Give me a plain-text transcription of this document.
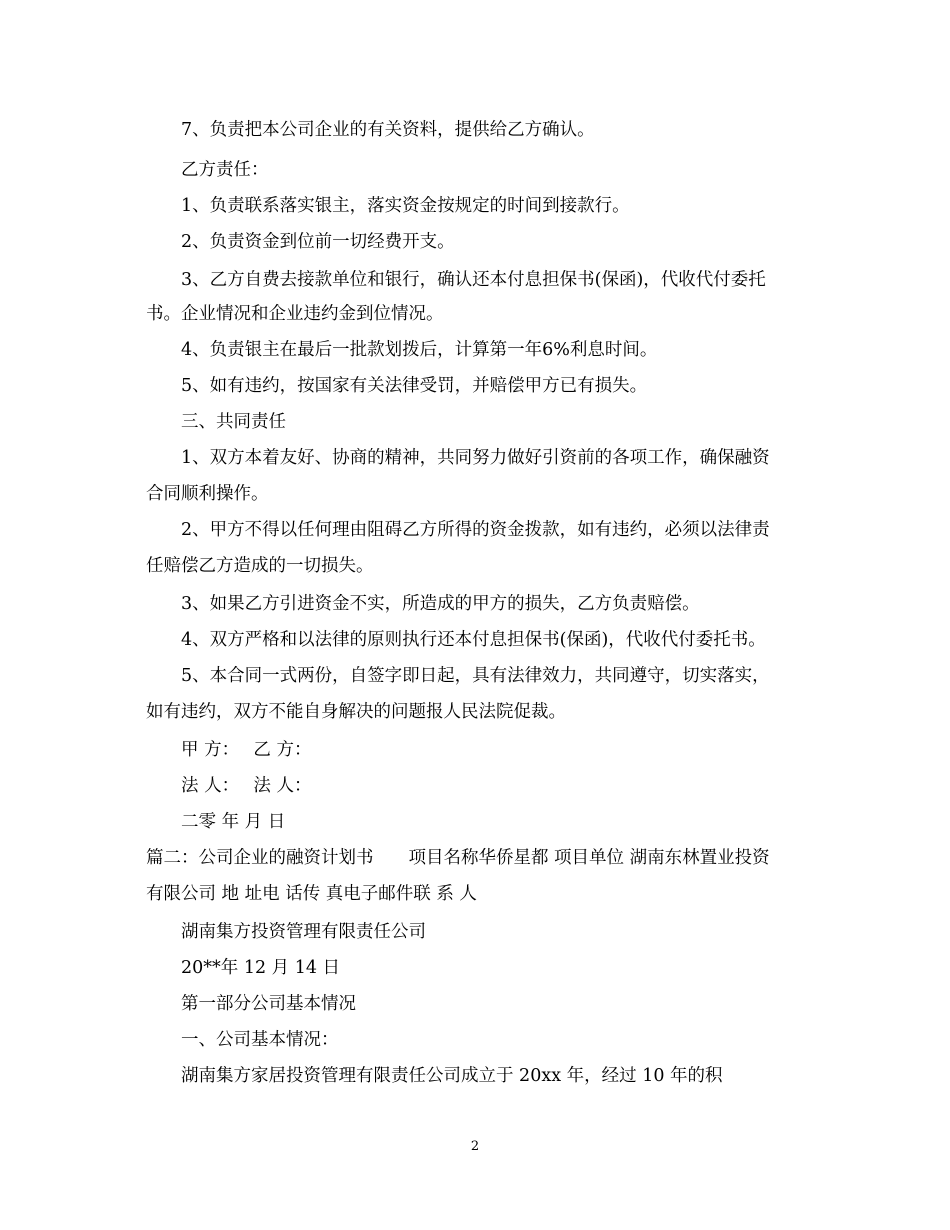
7、负责把本公司企业的有关资料，提供给乙方确认。
乙方责任：
1、负责联系落实银主，落实资金按规定的时间到接款行。
2、负责资金到位前一切经费开支。
3、乙方自费去接款单位和银行，确认还本付息担保书(保函)，代收代付委托
书。企业情况和企业违约金到位情况。
4、负责银主在最后一批款划拨后，计算第一年6%利息时间。
5、如有违约，按国家有关法律受罚，并赔偿甲方已有损失。
三、共同责任
1、双方本着友好、协商的精神，共同努力做好引资前的各项工作，确保融资
合同顺利操作。
2、甲方不得以任何理由阻碍乙方所得的资金拨款，如有违约，必须以法律责
任赔偿乙方造成的一切损失。
3、如果乙方引进资金不实，所造成的甲方的损失，乙方负责赔偿。
4、双方严格和以法律的原则执行还本付息担保书(保函)，代收代付委托书。
5、本合同一式两份，自签字即日起，具有法律效力，共同遵守，切实落实，
如有违约，双方不能自身解决的问题报人民法院促裁。
甲 方：　 乙 方：
法 人：　 法 人：
二零 年 月 日
篇二：公司企业的融资计划书　　项目名称华侨星都 项目单位 湖南东林置业投资
有限公司 地 址电 话传 真电子邮件联 系 人
湖南集方投资管理有限责任公司
20**年 12 月 14 日
第一部分公司基本情况
一、公司基本情况：
湖南集方家居投资管理有限责任公司成立于 20xx 年，经过 10 年的积
2
